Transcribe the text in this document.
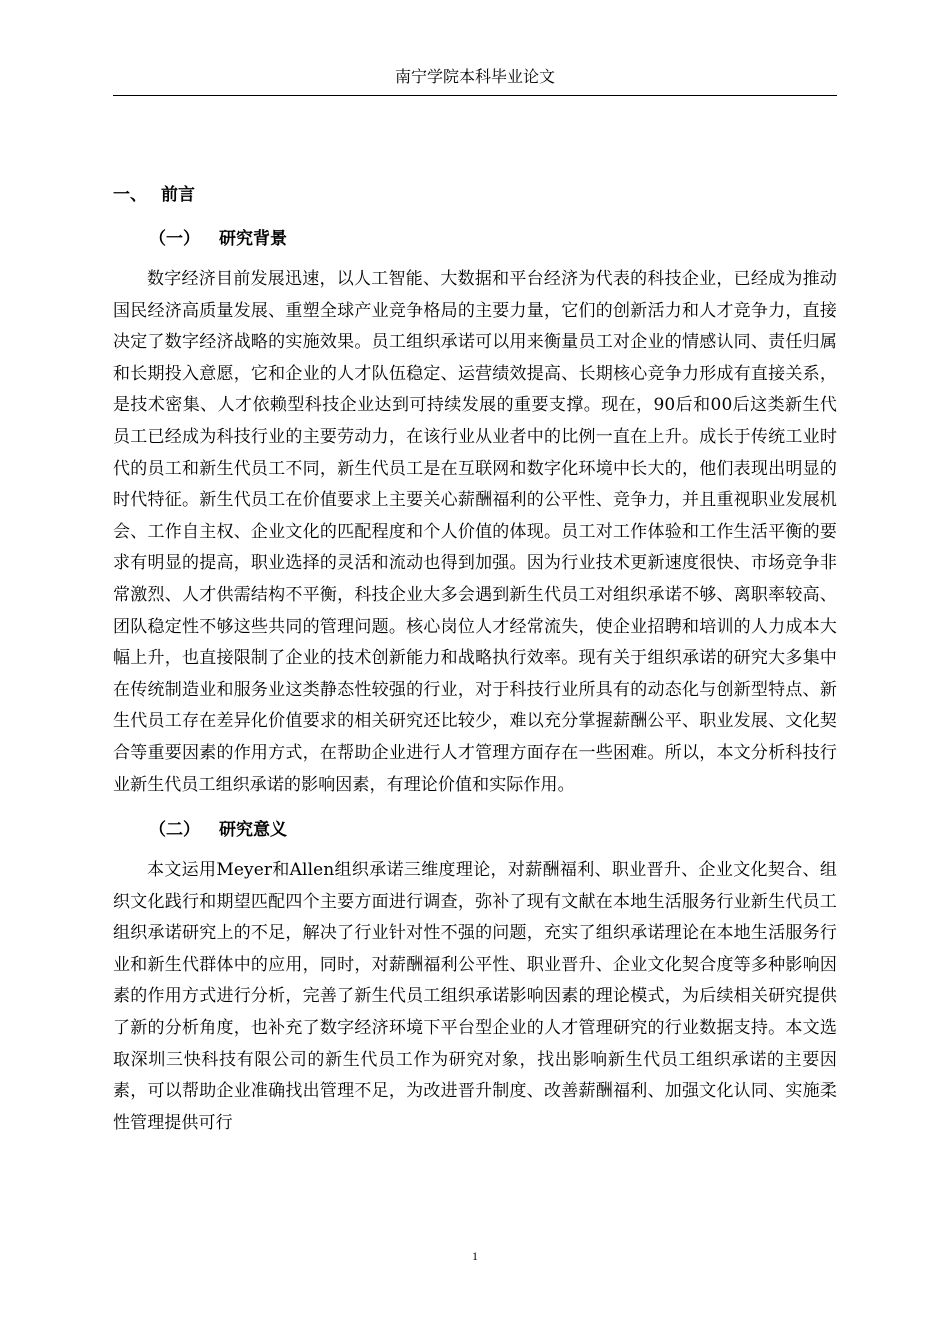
南宁学院本科毕业论文
一、 前言
（一） 研究背景

数字经济目前发展迅速，以人工智能、大数据和平台经济为代表的科技企业，已经成为推动国民经济高质量发展、重塑全球产业竞争格局的主要力量，它们的创新活力和人才竞争力，直接决定了数字经济战略的实施效果。员工组织承诺可以用来衡量员工对企业的情感认同、责任归属和长期投入意愿，它和企业的人才队伍稳定、运营绩效提高、长期核心竞争力形成有直接关系，是技术密集、人才依赖型科技企业达到可持续发展的重要支撑。现在，90后和00后这类新生代员工已经成为科技行业的主要劳动力，在该行业从业者中的比例一直在上升。成长于传统工业时代的员工和新生代员工不同，新生代员工是在互联网和数字化环境中长大的，他们表现出明显的时代特征。新生代员工在价值要求上主要关心薪酬福利的公平性、竞争力，并且重视职业发展机会、工作自主权、企业文化的匹配程度和个人价值的体现。员工对工作体验和工作生活平衡的要求有明显的提高，职业选择的灵活和流动也得到加强。因为行业技术更新速度很快、市场竞争非常激烈、人才供需结构不平衡，科技企业大多会遇到新生代员工对组织承诺不够、离职率较高、团队稳定性不够这些共同的管理问题。核心岗位人才经常流失，使企业招聘和培训的人力成本大幅上升，也直接限制了企业的技术创新能力和战略执行效率。现有关于组织承诺的研究大多集中在传统制造业和服务业这类静态性较强的行业，对于科技行业所具有的动态化与创新型特点、新生代员工存在差异化价值要求的相关研究还比较少，难以充分掌握薪酬公平、职业发展、文化契合等重要因素的作用方式，在帮助企业进行人才管理方面存在一些困难。所以，本文分析科技行业新生代员工组织承诺的影响因素，有理论价值和实际作用。

（二） 研究意义

本文运用Meyer和Allen组织承诺三维度理论，对薪酬福利、职业晋升、企业文化契合、组织文化践行和期望匹配四个主要方面进行调查，弥补了现有文献在本地生活服务行业新生代员工组织承诺研究上的不足，解决了行业针对性不强的问题，充实了组织承诺理论在本地生活服务行业和新生代群体中的应用，同时，对薪酬福利公平性、职业晋升、企业文化契合度等多种影响因素的作用方式进行分析，完善了新生代员工组织承诺影响因素的理论模式，为后续相关研究提供了新的分析角度，也补充了数字经济环境下平台型企业的人才管理研究的行业数据支持。本文选取深圳三快科技有限公司的新生代员工作为研究对象，找出影响新生代员工组织承诺的主要因素，可以帮助企业准确找出管理不足，为改进晋升制度、改善薪酬福利、加强文化认同、实施柔性管理提供可行

1
